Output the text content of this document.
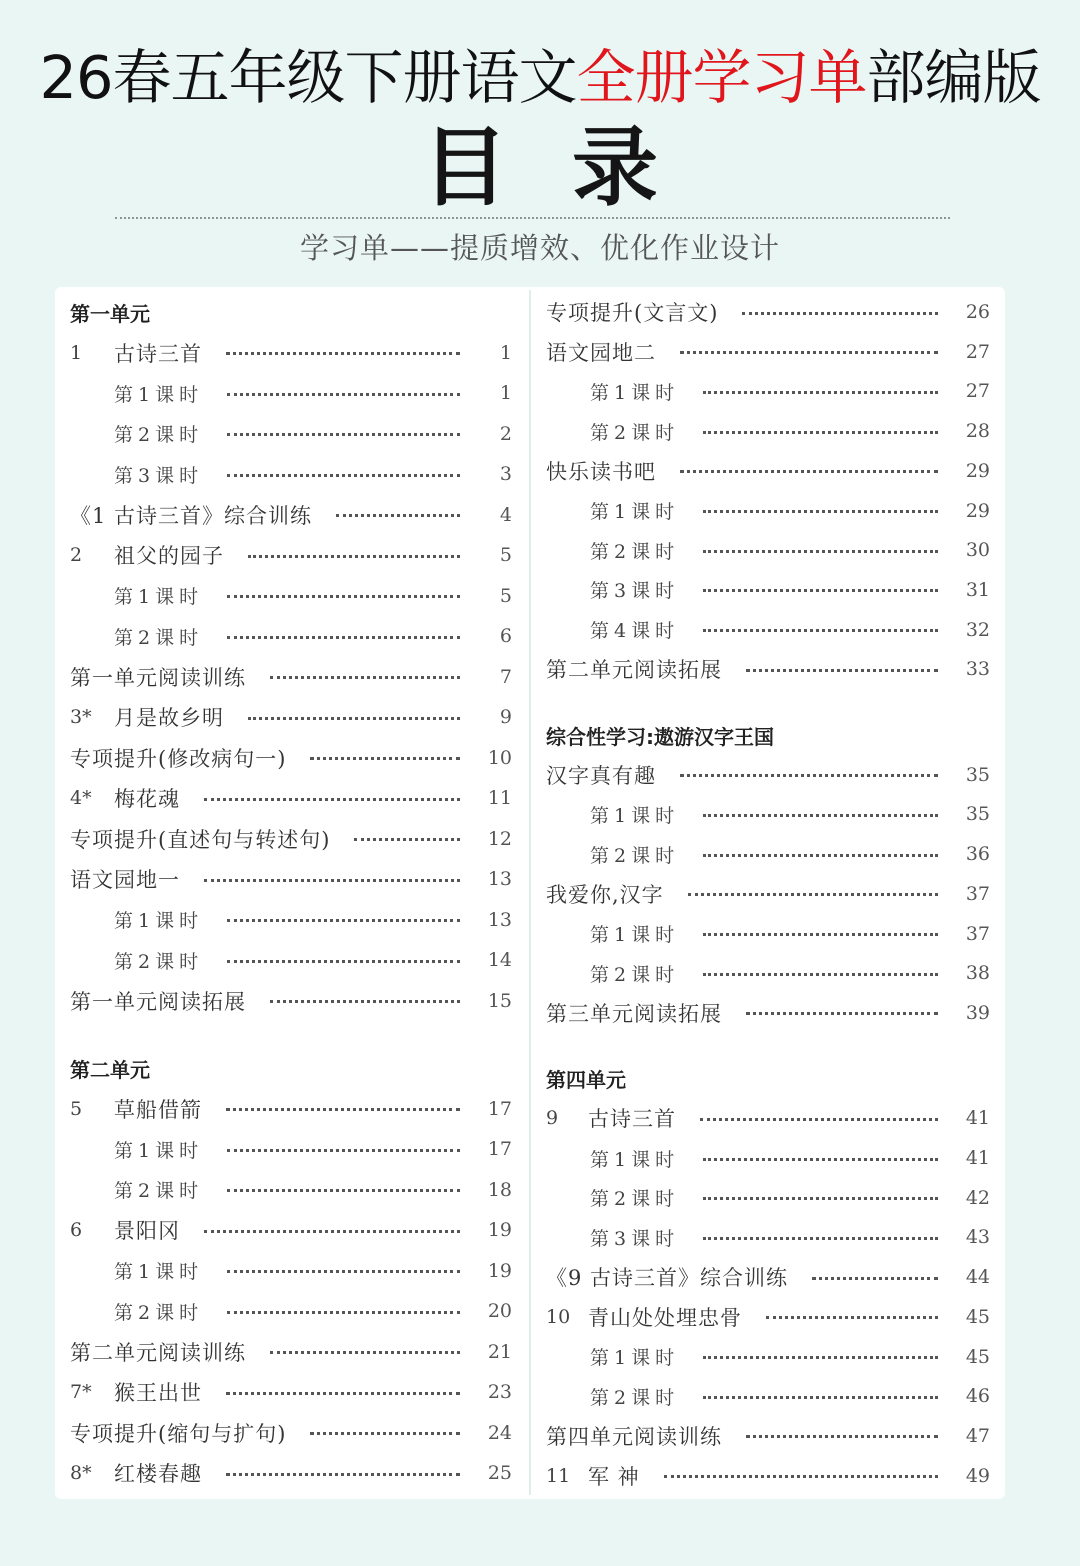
26春五年级下册语文全册学习单部编版
目 录
学习单——提质增效、优化作业设计
第一单元
1	古诗三首	1
第1课时	1
第2课时	2
第3课时	3
《1 古诗三首》综合训练	4
2	祖父的园子	5
第1课时	5
第2课时	6
第一单元阅读训练	7
3*	月是故乡明	9
专项提升(修改病句一)	10
4*	梅花魂	11
专项提升(直述句与转述句)	12
语文园地一	13
第1课时	13
第2课时	14
第一单元阅读拓展	15
第二单元
5	草船借箭	17
第1课时	17
第2课时	18
6	景阳冈	19
第1课时	19
第2课时	20
第二单元阅读训练	21
7*	猴王出世	23
专项提升(缩句与扩句)	24
8*	红楼春趣	25
专项提升(文言文)	26
语文园地二	27
第1课时	27
第2课时	28
快乐读书吧	29
第1课时	29
第2课时	30
第3课时	31
第4课时	32
第二单元阅读拓展	33
综合性学习:遨游汉字王国
汉字真有趣	35
第1课时	35
第2课时	36
我爱你,汉字	37
第1课时	37
第2课时	38
第三单元阅读拓展	39
第四单元
9	古诗三首	41
第1课时	41
第2课时	42
第3课时	43
《9 古诗三首》综合训练	44
10 青山处处埋忠骨	45
第1课时	45
第2课时	46
第四单元阅读训练	47
11 军 神	49
